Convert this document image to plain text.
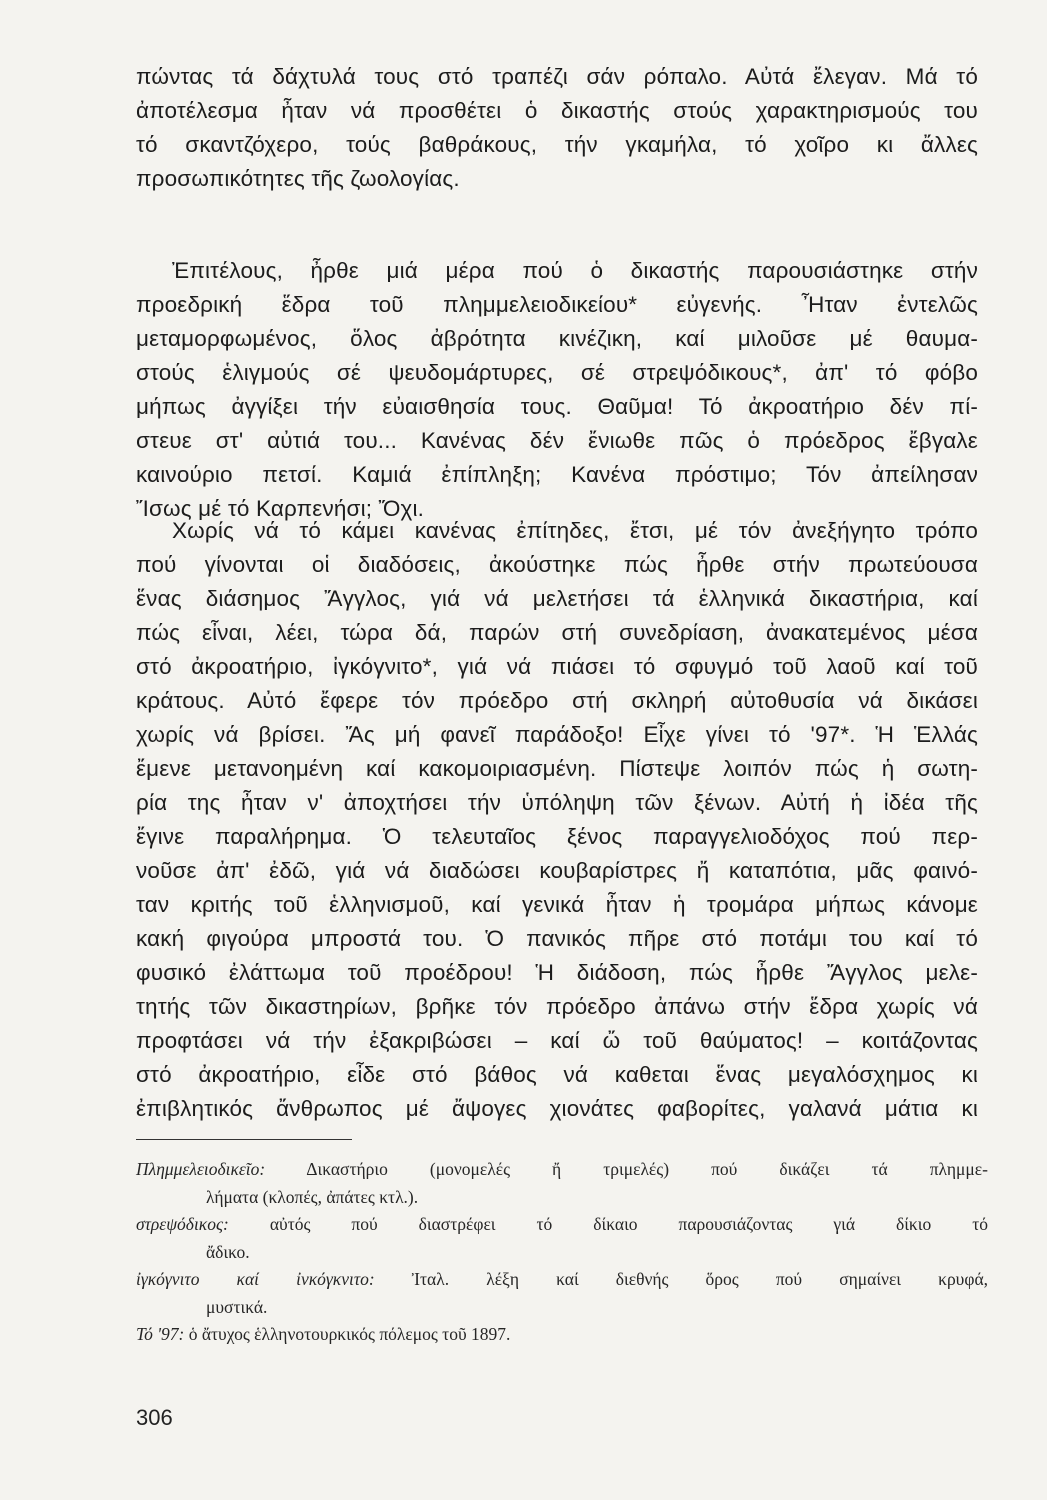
πώντας τά δάχτυλά τους στό τραπέζι σάν ρόπαλο. Αὐτά ἔλεγαν. Μά τό
ἀποτέλεσμα ἦταν νά προσθέτει ὁ δικαστής στούς χαρακτηρισμούς του
τό σκαντζόχερο, τούς βαθράκους, τήν γκαμήλα, τό χοῖρο κι ἄλλες
προσωπικότητες τῆς ζωολογίας.
Ἐπιτέλους, ἦρθε μιά μέρα πού ὁ δικαστής παρουσιάστηκε στήν
προεδρική ἕδρα τοῦ πλημμελειοδικείου* εὐγενής. Ἦταν ἐντελῶς
μεταμορφωμένος, ὅλος ἀβρότητα κινέζικη, καί μιλοῦσε μέ θαυμα-
στούς ἑλιγμούς σέ ψευδομάρτυρες, σέ στρεψόδικους*, ἀπ' τό φόβο
μήπως ἀγγίξει τήν εὐαισθησία τους. Θαῦμα! Τό ἀκροατήριο δέν πί-
στευε στ' αὐτιά του... Κανένας δέν ἔνιωθε πῶς ὁ πρόεδρος ἔβγαλε
καινούριο πετσί. Καμιά ἐπίπληξη; Κανένα πρόστιμο; Τόν ἀπείλησαν
Ἴσως μέ τό Καρπενήσι; Ὄχι.
Χωρίς νά τό κάμει κανένας ἐπίτηδες, ἔτσι, μέ τόν ἀνεξήγητο τρόπο
πού γίνονται οἱ διαδόσεις, ἀκούστηκε πώς ἦρθε στήν πρωτεύουσα
ἕνας διάσημος Ἄγγλος, γιά νά μελετήσει τά ἑλληνικά δικαστήρια, καί
πώς εἶναι, λέει, τώρα δά, παρών στή συνεδρίαση, ἀνακατεμένος μέσα
στό ἀκροατήριο, ἰγκόγνιτο*, γιά νά πιάσει τό σφυγμό τοῦ λαοῦ καί τοῦ
κράτους. Αὐτό ἔφερε τόν πρόεδρο στή σκληρή αὐτοθυσία νά δικάσει
χωρίς νά βρίσει. Ἄς μή φανεῖ παράδοξο! Εἶχε γίνει τό '97*. Ἡ Ἑλλάς
ἔμενε μετανοημένη καί κακομοιριασμένη. Πίστεψε λοιπόν πώς ἡ σωτη-
ρία της ἦταν ν' ἀποχτήσει τήν ὑπόληψη τῶν ξένων. Αὐτή ἡ ἰδέα τῆς
ἔγινε παραλήρημα. Ὁ τελευταῖος ξένος παραγγελιοδόχος πού περ-
νοῦσε ἀπ' ἐδῶ, γιά νά διαδώσει κουβαρίστρες ἤ καταπότια, μᾶς φαινό-
ταν κριτής τοῦ ἑλληνισμοῦ, καί γενικά ἦταν ἡ τρομάρα μήπως κάνομε
κακή φιγούρα μπροστά του. Ὁ πανικός πῆρε στό ποτάμι του καί τό
φυσικό ἐλάττωμα τοῦ προέδρου! Ἡ διάδοση, πώς ἦρθε Ἄγγλος μελε-
τητής τῶν δικαστηρίων, βρῆκε τόν πρόεδρο ἀπάνω στήν ἕδρα χωρίς νά
προφτάσει νά τήν ἐξακριβώσει – καί ὤ τοῦ θαύματος! – κοιτάζοντας
στό ἀκροατήριο, εἶδε στό βάθος νά καθεται ἕνας μεγαλόσχημος κι
ἐπιβλητικός ἄνθρωπος μέ ἄψογες χιονάτες φαβορίτες, γαλανά μάτια κι
Πλημμελειοδικεῖο: Δικαστήριο (μονομελές ἤ τριμελές) πού δικάζει τά πλημμε-
λήματα (κλοπές, ἀπάτες κτλ.).
στρεψόδικος: αὐτός πού διαστρέφει τό δίκαιο παρουσιάζοντας γιά δίκιο τό
ἄδικο.
ἰγκόγνιτο καί ἰνκόγκνιτο: Ἰταλ. λέξη καί διεθνής ὅρος πού σημαίνει κρυφά,
μυστικά.
Τό '97: ὁ ἄτυχος ἑλληνοτουρκικός πόλεμος τοῦ 1897.
306
